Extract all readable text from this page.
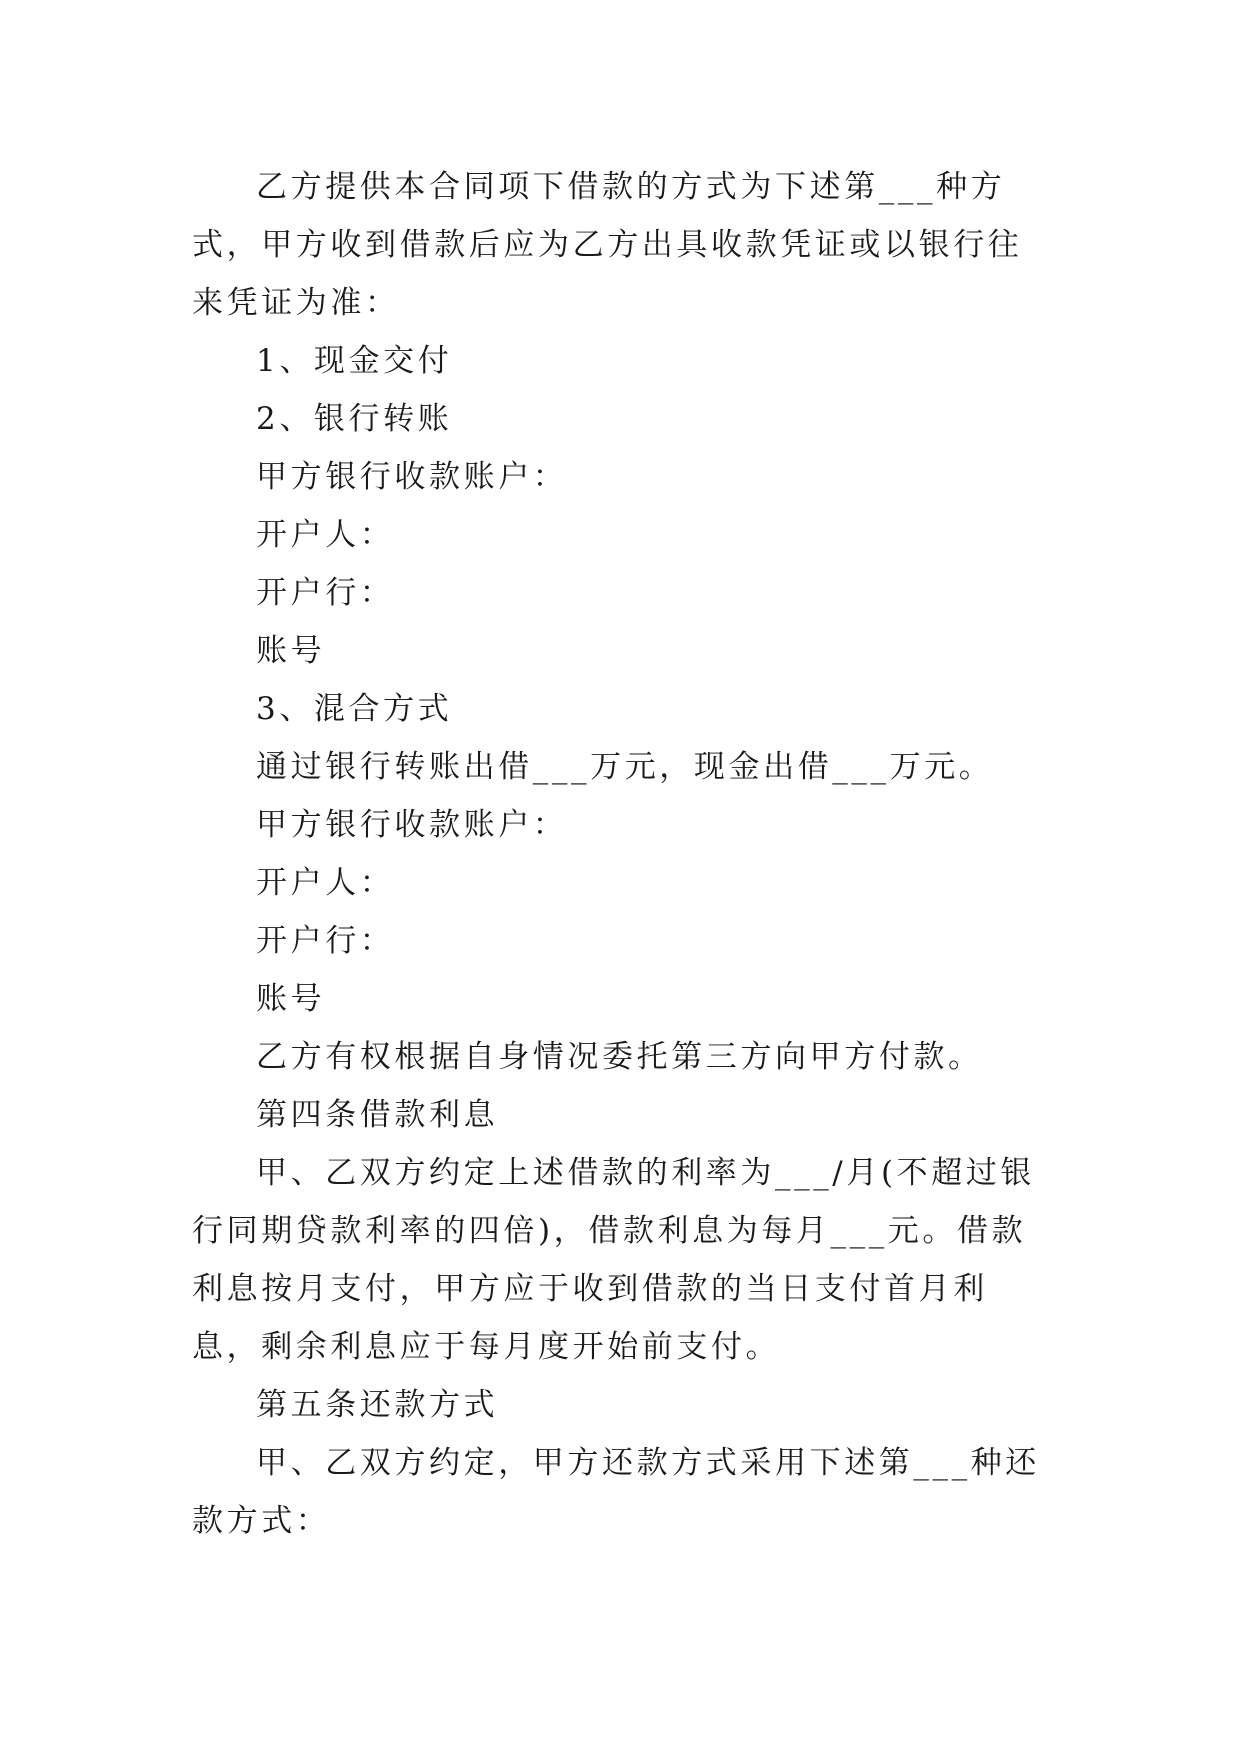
乙方提供本合同项下借款的方式为下述第___种方式，甲方收到借款后应为乙方出具收款凭证或以银行往来凭证为准：

1、现金交付

2、银行转账

甲方银行收款账户：

开户人：

开户行：

账号

3、混合方式

通过银行转账出借___万元，现金出借___万元。

甲方银行收款账户：

开户人：

开户行：

账号

乙方有权根据自身情况委托第三方向甲方付款。

第四条借款利息

甲、乙双方约定上述借款的利率为___/月(不超过银行同期贷款利率的四倍)，借款利息为每月___元。借款利息按月支付，甲方应于收到借款的当日支付首月利息，剩余利息应于每月度开始前支付。

第五条还款方式

甲、乙双方约定，甲方还款方式采用下述第___种还款方式：
